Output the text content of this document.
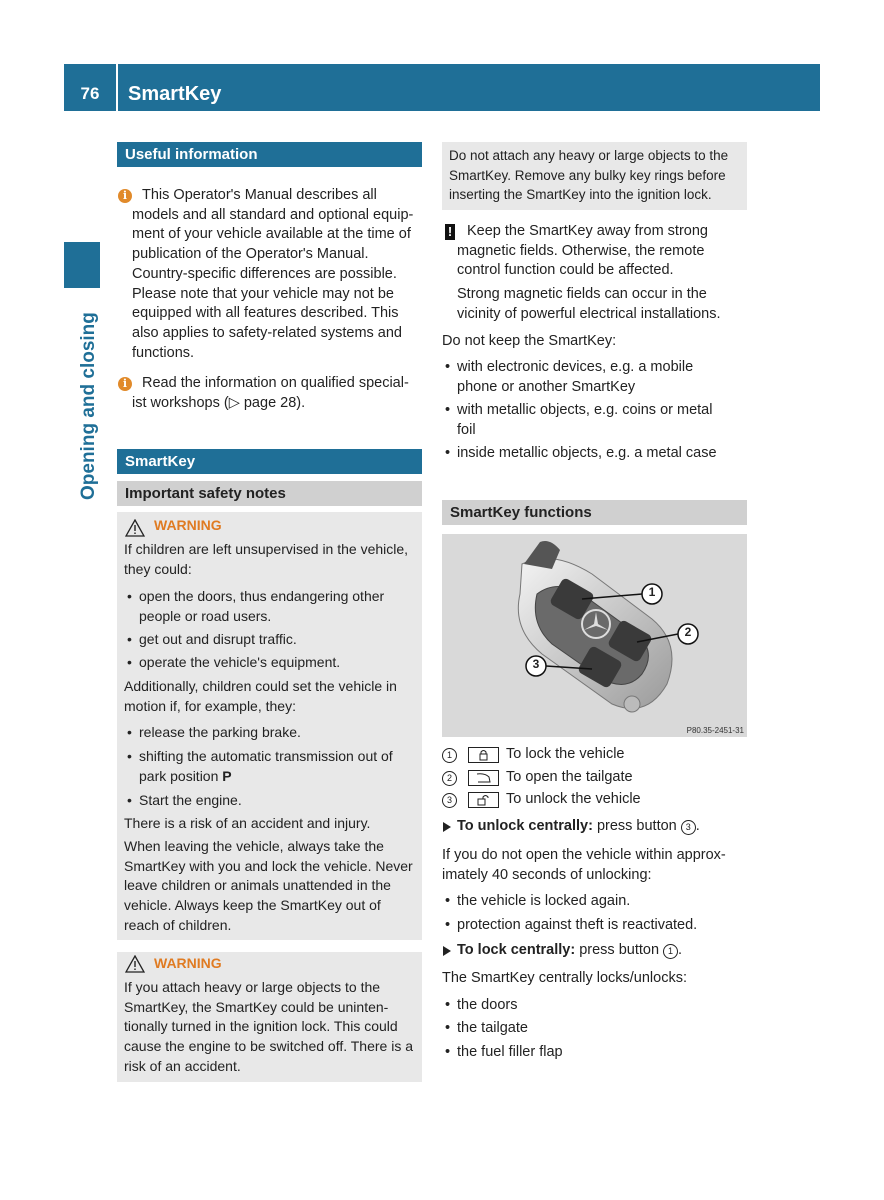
76	SmartKey
Opening and closing
Useful information
i	This Operator's Manual describes all
models and all standard and optional equip-
ment of your vehicle available at the time of
publication of the Operator's Manual.
Country-specific differences are possible.
Please note that your vehicle may not be
equipped with all features described. This
also applies to safety-related systems and
functions.
i	Read the information on qualified special-
ist workshops (▷ page 28).
SmartKey
Important safety notes
WARNING
If children are left unsupervised in the vehicle,
they could:
• open the doors, thus endangering other
people or road users.
• get out and disrupt traffic.
• operate the vehicle's equipment.
Additionally, children could set the vehicle in
motion if, for example, they:
• release the parking brake.
• shifting the automatic transmission out of
park position P
• Start the engine.
There is a risk of an accident and injury.
When leaving the vehicle, always take the
SmartKey with you and lock the vehicle. Never
leave children or animals unattended in the
vehicle. Always keep the SmartKey out of
reach of children.
WARNING
If you attach heavy or large objects to the
SmartKey, the SmartKey could be uninten-
tionally turned in the ignition lock. This could
cause the engine to be switched off. There is a
risk of an accident.
Do not attach any heavy or large objects to the
SmartKey. Remove any bulky key rings before
inserting the SmartKey into the ignition lock.
!	Keep the SmartKey away from strong
magnetic fields. Otherwise, the remote
control function could be affected.
Strong magnetic fields can occur in the
vicinity of powerful electrical installations.
Do not keep the SmartKey:
• with electronic devices, e.g. a mobile
phone or another SmartKey
• with metallic objects, e.g. coins or metal
foil
• inside metallic objects, e.g. a metal case
SmartKey functions
1
2
3
P80.35-2451-31
1	To lock the vehicle
2	To open the tailgate
3	To unlock the vehicle
To unlock centrally: press button 3 .
If you do not open the vehicle within approx-
imately 40 seconds of unlocking:
• the vehicle is locked again.
• protection against theft is reactivated.
To lock centrally: press button 1 .
The SmartKey centrally locks/unlocks:
• the doors
• the tailgate
• the fuel filler flap
